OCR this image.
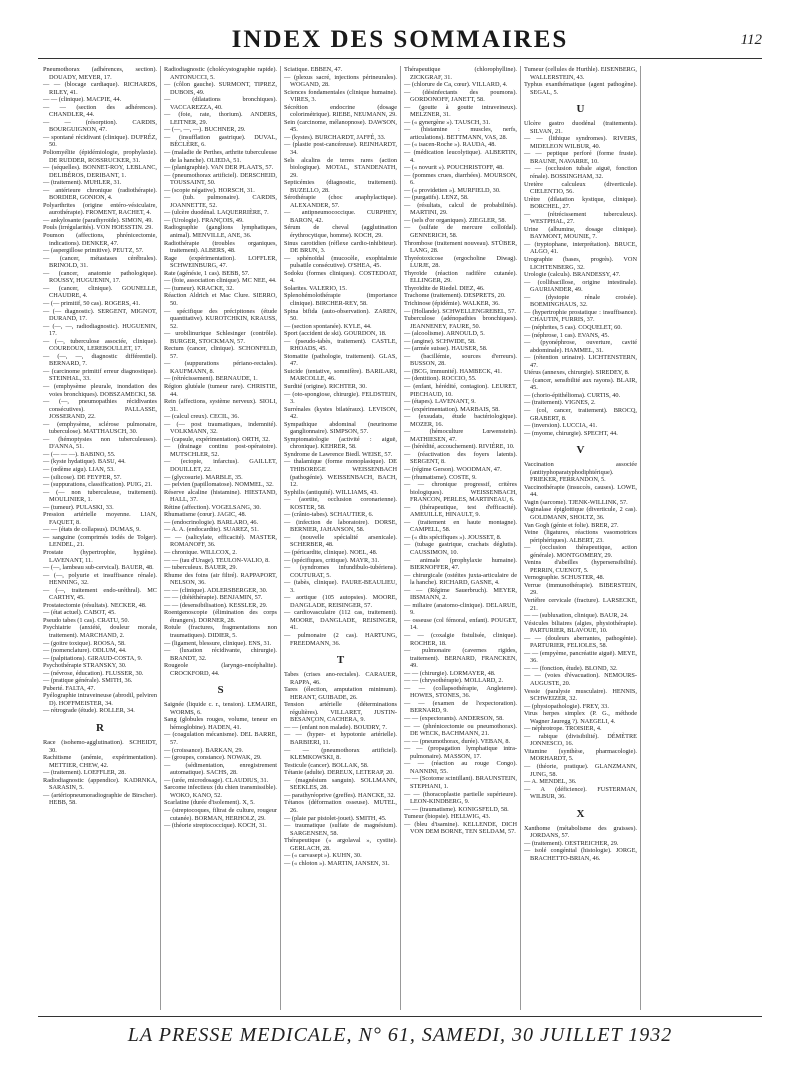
INDEX DES SOMMAIRES	112

Pneumothorax (adhérences, section). DOUADY, MEYER, 17.

— — (blocage cardiaque). RICHARDS, RILEY, 41.

— — (clinique). MACPIE, 44.

— — (section des adhérences). CHANDLER, 44.

— — (résorption). CARDIS, BOURGUIGNON, 47.

— spontané récidivant (clinique). DUFRÉZ, 50.

Poliomyélite (épidémiologie, prophylaxie). DE RUDDER, ROSSRUCKER, 31.

— (séquelles). BONNET-ROY, LEBLANC, DELIBÉROS, DERIBANT, 1.

— (traitement). MUHLER, 31.

— antérieure chronique (radiothérapie). BORDIER, GONION, 4.

Polyarthrites (origine entéro-vésiculaire, aurothérapie). FROMENT, RACHET, 4.

— ankylosante (parathyroïde). SIMON, 49.

Pouls (irrégularités). VON HOESSTIN. 29.

Poumon (affections, phrénicectomie, indications). DENKER, 47.

— (aspergillose primitive). PEUTZ, 57.

— (cancer, métastases cérébrales). BRINOLD, 31.

— (cancer, anatomie pathologique). ROUSSY, HUGUENIN, 17.

— (cancer, clinique). GOUNELLE, CHAUDRE, 4.

— (— primitif, 50 cas). ROGERS, 41.

— (— diagnostic). SERGENT, MIGNOT, DURAND, 17.

— (—, —, radiodiagnostic). HUGUENIN, 17.

— (—, tuberculose associée, clinique). COUREOUX, LEREBOULLET, 17.

— (—, —, diagnostic différentiel). BERNARD, 7.

— (carcinome primitif erreur diagnostique). STEINHAL, 33.

— (emphysème pleurale, inondation des voies bronchiques). DOBSZAMECKI, 58.

— (—, pneumopathies récidivantes consécutives). PALLASSE, JOSSERAND, 22.

— (emphysème, sclérose pulmonaire, tuberculose). MATTHAUSCH, 30.

— (hémoptysies non tuberculeuses). D'ANNA, 51.

— (— — —). BABINO, 55.

— (kyste hydatique). BASU, 44.

— (œdème aigu). LIAN, 53.

— (silicose). DE FEYFER, 57.

— (suppurations, classification). PUIG, 21.

— (— non tuberculeuse, traitement). MOULINIER, 1.

— (tumeur). PULASKI, 33.

Pression artérielle moyenne. LIAN, FAQUET, 8.

— — (états de collapsus). DUMAS, 9.

— sanguine (comprimés iodés de Tolger). LENDEL, 21.

Prostate (hypertrophie, hygiène). LAVENANT, 11.

— (—, lambeau sub-cervical). BAUER, 48.

— (—, polyurie et insuffisance rénale). HENNING, 32.

— (—, traitement endo-uréthral). MC CARTHY, 45.

Prostatectomie (résultats). NECKER, 48.

— (état actuel). CABOT, 45.

Pseudo tabes (1 cas). CRATU, 50.

Psychiatrie (anxiété, douleur morale, traitement). MARCHAND, 2.

— (goitre toxique). ROOSA, 58.

— (nomenclature). ODLUM, 44.

— (palpitations). GIRAUD-COSTA, 9.

Psychothérapie STRANSKY, 30.

— (névrose, éducation). FLUSSER, 30.

— (pratique générale). SMITH, 36.

Puberté. FALTA, 47.

Pyélographie intraveineuse (abrodil, pelviren D). HOFFMEISTER, 34.

— rétrograde (étude). ROLLER, 34.

R

Race (isohemo-agglutination). SCHEIDT, 30.

Rachitisme (anémie, expérimentation). METTIER, CHEW, 42.

— (traitement). LOEFFLER, 28.

Radiodiagnostic (appendice). KADRNKA, SARASIN, 5.

— (artériopneumoradiographie de Birscher). HEBB, 58.

Radiodiagnostic (cholécystographie rapide). ANTONUCCI, 5.

— (côlon gauche). SURMONT, TIPREZ, DUBOIS, 49.

— (dilatations bronchiques). VACCAREZZA, 40.

— (foie, rate, thorium). ANDERS, LEITNER, 29.

— (—, —, —). BUCHNER, 29.

— (insufflation gastrique). DUVAL, BÉCLÈRE, 6.

— (maladie de Perthes, arthrite tuberculeuse de la hanche). OLIEDA, 51.

— (planigraphie). VAN DER PLAATS, 57.

— (pneumothorax artificiel). DERSCHEID, TOUSSAINT, 50.

— (scopie négative). HORSCH, 31.

— (tub. pulmonaire). CARDIS, JOANNETTE, 52.

— (ulcère duodénal. LAQUERRIÈRE, 7.

— (Urologie). FRANÇOIS, 49.

Radiographie (ganglions lymphatiques, animal). MENVILLE, ANE, 36.

Radiothérapie (troubles organiques, traitement). ALBERS, 48.

Rage (expérimentation). LOFFLER, SCHWEINBURG, 47.

Rate (agénésie, 1 cas). BEBB, 57.

— (foie, association clinique). MC NEE, 44.

— (tumeur). KRACKE, 32.

Réaction Aldrich et Mac Clure. SIERRO, 50.

— spécifique des précipitones (étude quantitative). KUROTCHKIN, KRAUSS, 52.

— urobilinurique Schlesinger (contrôle). BURGER, STOCKMAN, 57.

Rectum (cancer, clinique). SCHONFELD, 57.

— (suppurations périano-rectales). KAUFMANN, 8.

— (rétrécissement). BERNAUDE, 1.

Région glutéale (tumeur rare). CHRISTIE, 44.

Rein (affections, système nerveux). SIOLI, 31.

— (calcul creux). CECIL, 36.

— (— post traumatiques, indemnité). VOLKMANN, 32.

— (capsule, expérimentation). ORTH, 32.

— (drainage continu post-opératoire). MUTSCHLER, 52.

— (ectopie, infarctus). GAILLET, DOUILLET, 22.

— (glycosurie). MARBLE, 35.

— pelvien (papillomatose). NOMMEL, 32.

Réserve alcaline (histamine). HIESTAND, HALL, 37.

Rétine (affection). VOGELSANG, 30.

Rhumatisme (cœur). JAGIC, 48.

— (endocrinologie). BARLARO, 46.

— A. A. (endocardite). SUAREZ, 51.

— — (salicylate, efficacité). MASTER, ROMANOFF, 36.

— chronique. WILLCOX, 2.

— — (tau d'Urage). TEULON-VALIO, 8.

— tuberculeux. BAUER, 29.

Rhume des foins (air filtré). RAPPAPORT, NELSON, 36.

— — (clinique). ADLERSBERGER, 30.

— — (diététhérapie). BENJAMIN, 57.

— — (desensibilisation). KESSLER, 29.

Roentgenoscopie (élimination des corps étrangers). DORNER, 28.

Rotule (fractures, fragmentations non traumatiques). DIDIER, 5.

— (ligament, blessure, clinique). ENS, 31.

— (luxation récidivante, chirurgie). BRANDT, 32.

Rougeole (laryngo-encéphalite). CROCKFORD, 44.

S

Saignée (liquide c. r., tension). LEMAIRE, WORMS, 6.

Sang (globules rouges, volume, teneur en hémoglobine). HADEN, 41.

— (coagulation mécanisme). DEL BARRE, 57.

— (croissance). BARKAN, 29.

— (groupes, constance). NOWAK, 29.

— (sédimentation, enregistrement automatique). SACHS, 28.

— (urée, microdosage). CLAUDIUS, 31.

Sarcome infectieux (du chien transmissible). WOKO, KANO, 52.

Scarlatine (durée d'isolement). X, 5.

— (streptocoques, filtrat de culture, rougeur cutanée). BORMAN, HERHOLZ, 29.

— (théorie streptococcique). KOCH, 31.

Sciatique. EBBEN, 47.

— (plexus sacré, injections périneurales). WOGAND, 28.

Sciences fondamentales (clinique humaine). VIRES, 3.

Sécrétion endocrine (dosage colorimétrique). RIEBE, NEUMANN, 29.

Sein (carcinome, mélanopnose). DAWSON, 45.

— (kystes). BURCHARDT, JAFFÉ, 33.

— (plastie post-cancéreuse). REINHARDT, 34.

Sels alcalins de terres rares (action biologique). MOTAL, STANDENATH, 29.

Septicémies (diagnostic, traitement). BUZELLO, 28.

Sérothérapie (choc anaphylactique). ALEXANDER, 57.

— antipneumococcique. CURPHEY, BARON, 42.

Sérum de cheval (agglutination érythrocytique, homme). KOCH, 29.

Sinus carotidien (réflexe cardio-inhibiteur). DE BRUN, 3.

— sphénoïdal (mucocèle, exophtalmie pulsatile consécutive). O'SHEA, 45.

Sodoku (formes cliniques). COSTEDOAT, 4.

Solarites. VALERIO, 15.

Splenohémolothérapie (importance clinique). BIRCHER-REY, 58.

Spina bifida (auto-observation). ZAREN, 50.

— (section spontanée). KYLE, 44.

Sport (accident de ski). GOURDON, 18.

— (pseudo-tabès, traitement). CASTLE, RHOADS, 45.

Stomatite (pathologie, traitement). GLAS, 47.

Suicide (tentative, somnifère). BARILARI, MARCOLLE, 46.

Surdité (origine). RICHTER, 30.

— (oto-spongiose, chirurgie). FELDSTEIN, 3.

Surrénales (kystes bilatéraux). LEVISON, 42.

Sympathique abdominal (neurinome ganglionnaire). SIMPSON, 57.

Symptomatologie (activité : aiguë, chronique). KEHRER, 58.

Syndrome de Lawrence Biedl. WEISE, 57.

— thalamique (forme monoplasique). DE THIBOREGE WEISSENBACH (pathogénie). WEISSENBACH, BACH, 12.

Syphilis (antiquité). WILLIAMS, 43.

— (aortite, occlusion coronarienne). KOSTER, 58.

— (crânio-tabes). SCHAUTIER, 6.

— (infection de laboratoire). DORSE, BERNIER, JAHANSON, 58.

— (nouvelle spécialité arsenicale). SCHERBER, 48.

— (péricardite, clinique). NOEL, 48.

— (spécifiques, critique). MAYR, 31.

— (syndromes infundibulo-tubériens). COUTURAT, 5.

— (tabès, clinique). FAURE-BEAULIEU, 3.

— aortique (105 autopsies). MOORE, DANGLADE, REISINGER, 57.

— cardiovasculaire (112 cas, traitement). MOORE, DANGLADE, REISINGER, 41.

— pulmonaire (2 cas). HARTUNG, FREEDMANN, 36.

T

Tabes (crises ano-rectales). CARAUER, RAPPA, 46.

Tares (élection, amputation minimum). HERANT, GUIBADE, 26.

Tension artérielle (déterminations régulières). VILLARET, JUSTIN-BESANÇON, CACHERA, 9.

— — (enfant non malade). BOUDRY, 7.

— — (hyper- et hypotonie artérielle). BARBIERI, 11.

— — (pneumothorax artificiel). KLEMKOWSKI, 8.

Testicule (cancer). BOLLAK, 58.

Tétanie (adulte). DEREUX, LETERAP, 20.

— (magnésium sanguin). SOLLMANN, SEEKLES, 28.

— parathyréoprive (greffes). HANCKE, 32.

Tétanos (déformation osseuse). MUTEL, 26.

— (plaie par pistolet-jouet). SMITH, 45.

— traumatique (sulfate de magnésium). SARGENSEN, 58.

Thérapeutique (« argolaval », cystite). GERLACH, 28.

— (« carvasept »). KUHN, 30.

— (« chloton »). MARTIN, JANSEN, 31.

Thérapeutique (chlorophylline). ZICKGRAF, 31.

— (chlorure de Ca, cœur). VILLARD, 4.

— (désinfectants des poumons). GORDONOFF, JANETT, 58.

— (goutte à goutte intraveineux). MELZNER, 31.

— (« gynergène »). TAUSCH, 31.

— (histamine : muscles, nerfs, articulations). BETTMANN, VAS, 28.

— (« isacen-Roche »). RAUDA, 48.

— (médication leucolytique). ALBERTIN, 4.

— (« novurit »). POUCHRISTOFF, 48.

— (pommes crues, diarrhées). MOURSON, 6.

— (« providetten »). MURFIELD, 30.

— (purgatifs). LENZ, 58.

— (résultats, calcul de probabilités). MARTINI, 29.

— (sels d'or organiques). ZIEGLER, 58.

— (sulfate de mercure colloïdal). GENNERICH, 58.

Thrombose (traitement nouveau). STÜBER, LANG, 28.

Thyréotoxicose (ergocholine Diwag). LURJE, 28.

Thyroïde (réaction radifère cutanée). ELLINGER, 29.

Thyroïdite de Riedel. DIEZ, 46.

Trachome (traitement). DESPRETS, 20.

Trichinose (épidémie). WALKER, 36.

— (Hollande). SCHWELLENGREBEL, 57.

Tuberculose (adénopathies bronchiques). JEANNENEY, FAURE, 50.

— (alcoolisme). ARNOULD, 5.

— (angine). SCHWIDE, 58.

— (armée suisse). HAUSER, 58.

— (bacillémie, sources d'erreurs). BUSSON, 28.

— (BCG, immunité). HAMBECK, 41.

— (dentition). ROCCIO, 55.

— (enfant, hérédité, contagion). LEURET, PIECHAUD, 10.

— (étapes). LAVENANT, 9.

— (expérimentation). MARBAIS, 58.

— (exsudats, étude bactériologique). MOZER, 16.

— (hémoculture Lœwenstein). MATHIESEN, 47.

— (hérédité, accouchement). RIVIÈRE, 10.

— (réactivation des foyers latents). SERGENT, 8.

— (régime Gerson). WOODMAN, 47.

— (rhumatisme). COSTE, 9.

— — chronique progressif, critères biologiques). WEISSENBACH, FRANCON, PERLES, MARTINEAU, 6.

— (thérapeutique, test d'efficacité). AMEUILLE, HINAULT, 9.

— (traitement en haute montagne). CAMPELL, 58.

— (« dits spécifiques »). JOUSSET, 8.

— (tubage gastrique, crachats déglutis). CAUSSIMON, 10.

— animale (prophylaxie humaine). BIERNOFFER, 47.

— chirurgicale (ostéites juxta-articulaire de la hanche). RICHARD, GASNE, 4.

— — (Régime Sauerbruch). MEYER, IBSMANN, 2.

— miliaire (anatomo-clinique). DELARUE, 9.

— osseuse (col fémoral, enfant). POUGET, 14.

— — (coxalgie fistulisée, clinique). ROCHER, 18.

— pulmonaire (cavernes rigides, traitement). BERNARD, FRANCKEN, 49.

— — (chirurgie). LORMAYER, 48.

— — (chrysothérapie). MOLLARD, 2.

— — (collapsothérapie, Angleterre). HOWES, STONES, 36.

— — (examen de l'expectoration). BERNARD, 9.

— — (expectorants). ANDERSON, 58.

— — (phrénicectomie ou pneumothorax). DE WECK, BACHMANN, 21.

— — (pneumothorax, durée). VEBAN, 8.

— — (propagation lymphatique intra-pulmonaire). MASSON, 17.

— — (réaction au rouge Congo). NANNINI, 55.

— — (Scotome scintillant). BRAUNSTEIN, STEPHANI, 1.

— — (thoracoplastie partielle supérieure). LEON-KINDBERG, 9.

— — (traumatisme). KONIGSFELD, 58.

Tumeur (biopsie). HELLWIG, 43.

— (bleu d'isamine). KELLENDE, DICH VON DEM BORNE, TEN SELDAM, 57.

Tumeur (cellules de Hurthle). EISENBERG, WALLERSTEIN, 43.

Typhus exanthématique (agent pathogène). SEGAL, 5.

U

Ulcère gastro duodénal (traitements). SILVAN, 21.

— — (lithique syndromes). RIVERS, MIDELEON WILBUR, 40.

— — peptique perforé (forme fruste). BRAUNE, NAVARRE, 10.

— — (occlusion tubale aiguë, fonction rénale). BOSSINGHAM, 32.

Uretère calculeux (diverticule). CIELENTIO, 56.

Urètre (dilatation kystique, clinique). BORCHEL, 27.

— (rétrécissement tuberculeux). WESTPHAL, 27.

Urine (albumine, dosage clinique). BAYMONT, MOUNIE, 7.

— (tryptophane, interprétation). BRUCE, ALGO, 41.

Urographie (bases, progrès). VON LICHTENBERG, 32.

Urologie (calculs). BRANDESSY, 47.

— (collibacillose, origine intestinale). GAURIANDER, 49.

— (dystopie rénale croisée). BOEMINGHAUS, 32.

— (hypertrophie prostatique : insuffisance). CHAUTIN, FURRIS, 37.

— (néphrites, 5 cas). COQUELET, 60.

— (néphrose, 1 cas). EVANS, 45.

— (pyonéphrose, ouverture, cavité abdominale). HAMMEL, 31.

— (rétention urinaire). LICHTENSTERN, 47.

Utérus (annexes, chirurgie). SIREDEY, 8.

— (cancer, sensibilité aux rayons). BLAIR, 45.

— (chorio-épithélioma). CURTIS, 40.

— (traitement). VIGNES, 2.

— (col, cancer, traitement). BROCQ, GRABERT, 8.

— (inversion). LUCCIA, 41.

— (myome, chirurgie). SPECHT, 44.

V

Vaccination associée (antityphoparatyphodiphtérique). FRIEKER, FERRANDON, 5.

Vaccinothérapie (insuccès, causes). LOWE, 44.

Vagin (sarcome). TJENK-WILLINK, 57.

Vaginalase épiglottique (diverticule, 2 cas). GOLDMANN, SHOLTZ, 36.

Van Gogh (génie et folie). BRER, 27.

Veine (ligatures, réactions vasomotrices périphériques). ALBERT, 23.

— (occlusion thérapeutique, action générale). MONTGOMERY, 29.

Venins d'abeilles (hypersensibilité). PERRIN, CUENOT, 5.

Vernographie. SCHUSTER, 48.

Verrue (immunothérapie). BIBERSTEIN, 29.

Vertèbre cervicale (fracture). LARSECKE, 21.

— — (subluxation, clinique). BAUR, 24.

Vésicules biliaires (algies, physiothérapie). PARTURIER, BLAVOUE, 10.

— — (douleurs aberrantes, pathogénie). PARTURIER, FELIOLES, 58.

— — (empyème, pancréatite aiguë). MEYE, 36.

— — (fonction, étude). BLOND, 32.

— — (voies d'évacuation). NEMOURS-AUGUSTE, 20.

Vessie (paralysie musculaire). HENNIS, SCHWEIZER, 32.

— (physiopathologie). FREY, 33.

Virus herpes simplex (P. G., méthode Wagner Jauregg ?). NAEGELI, 4.

— néphrotrope. TROISIER, 4.

— rabique (divisibilité). DÉMÈTRE JONNESCO, 16.

Vitamine (synthèse, pharmacologie). MORHARDT, 5.

— (théorie, pratique). GLANZMANN, JUNG, 58.

— A. MENDEL, 36.

— A (déficience). FUSTERMAN, WILBUR, 36.

X

Xanthome (métabolisme des graisses). JORDANS, 57.

— (traitement). OESTREICHER, 29.

— isolé congénital (histologie). JORGE, BRACHETTO-BRIAN, 46.

LA PRESSE MEDICALE, N° 61, SAMEDI, 30 JUILLET 1932
